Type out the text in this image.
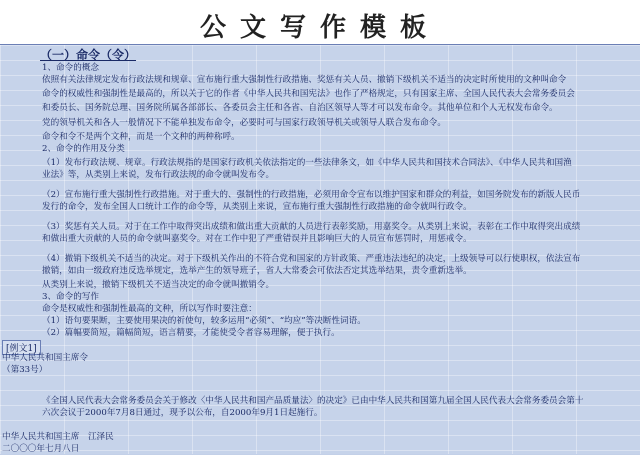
公文写作模板
（一）命令（令）
1、命令的概念
依照有关法律规定发布行政法规和规章、宣布施行重大强制性行政措施、奖惩有关人员、撤销下级机关不适当的决定时所使用的文种叫命令
命令的权威性和强制性是最高的，所以关于它的作者《中华人民共和国宪法》也作了严格规定，只有国家主席、全国人民代表大会常务委员会
和委员长、国务院总理、国务院所属各部部长、各委员会主任和各省、自治区领导人等才可以发布命令。其他单位和个人无权发布命令。
党的领导机关和各人一般情况下不能单独发布命令，必要时可与国家行政领导机关或领导人联合发布命令。
命令和令不是两个文种，而是一个文种的两种称呼。
2、命令的作用及分类
（1）发布行政法规、规章。行政法规指的是国家行政机关依法指定的一些法律条文，如《中华人民共和国技术合同法》、《中华人民共和国渔
业法》等，从类别上来说，发布行政法规的命令就叫发布令。
（2）宣布施行重大强制性行政措施。对于重大的、强制性的行政措施，必须用命令宣布以维护国家和群众的利益，如国务院发布的新版人民币
发行的命令，发布全国人口统计工作的命令等，从类别上来说，宣布施行重大强制性行政措施的命令就叫行政令。
（3）奖惩有关人员。对于在工作中取得突出成绩和做出重大贡献的人员进行表彰奖励，用嘉奖令。从类别上来说，表彰在工作中取得突出成绩
和做出重大贡献的人员的命令就叫嘉奖令。对在工作中犯了严重错误并且影响巨大的人员宣布惩罚时，用惩戒令。
（4）撤销下级机关不适当的决定。对于下级机关作出的不符合党和国家的方针政策、严重违法违纪的决定，上级领导可以行使职权，依法宣布
撤销，如由一级政府违反选举规定，选举产生的领导班子，省人大常委会可依法否定其选举结果，责令重新选举。
从类别上来说，撤销下级机关不适当决定的命令就叫撤销令。
3、命令的写作
命令是权威性和强制性最高的文种，所以写作时要注意：
（1）语句要果断，主要使用果决的祈使句，较多运用“必须”、“均应”等决断性词语。
（2）篇幅要简短，篇幅简短，语言精要，才能使受令者容易理解，便于执行。
[例文1]
中华人民共和国主席令
（第33号）
《全国人民代表大会常务委员会关于修改〈中华人民共和国产品质量法〉的决定》已由中华人民共和国第九届全国人民代表大会常务委员会第十
六次会议于2000年7月8日通过，现予以公布，自2000年9月1日起施行。
中华人民共和国主席　江泽民
二〇〇〇年七月八日
